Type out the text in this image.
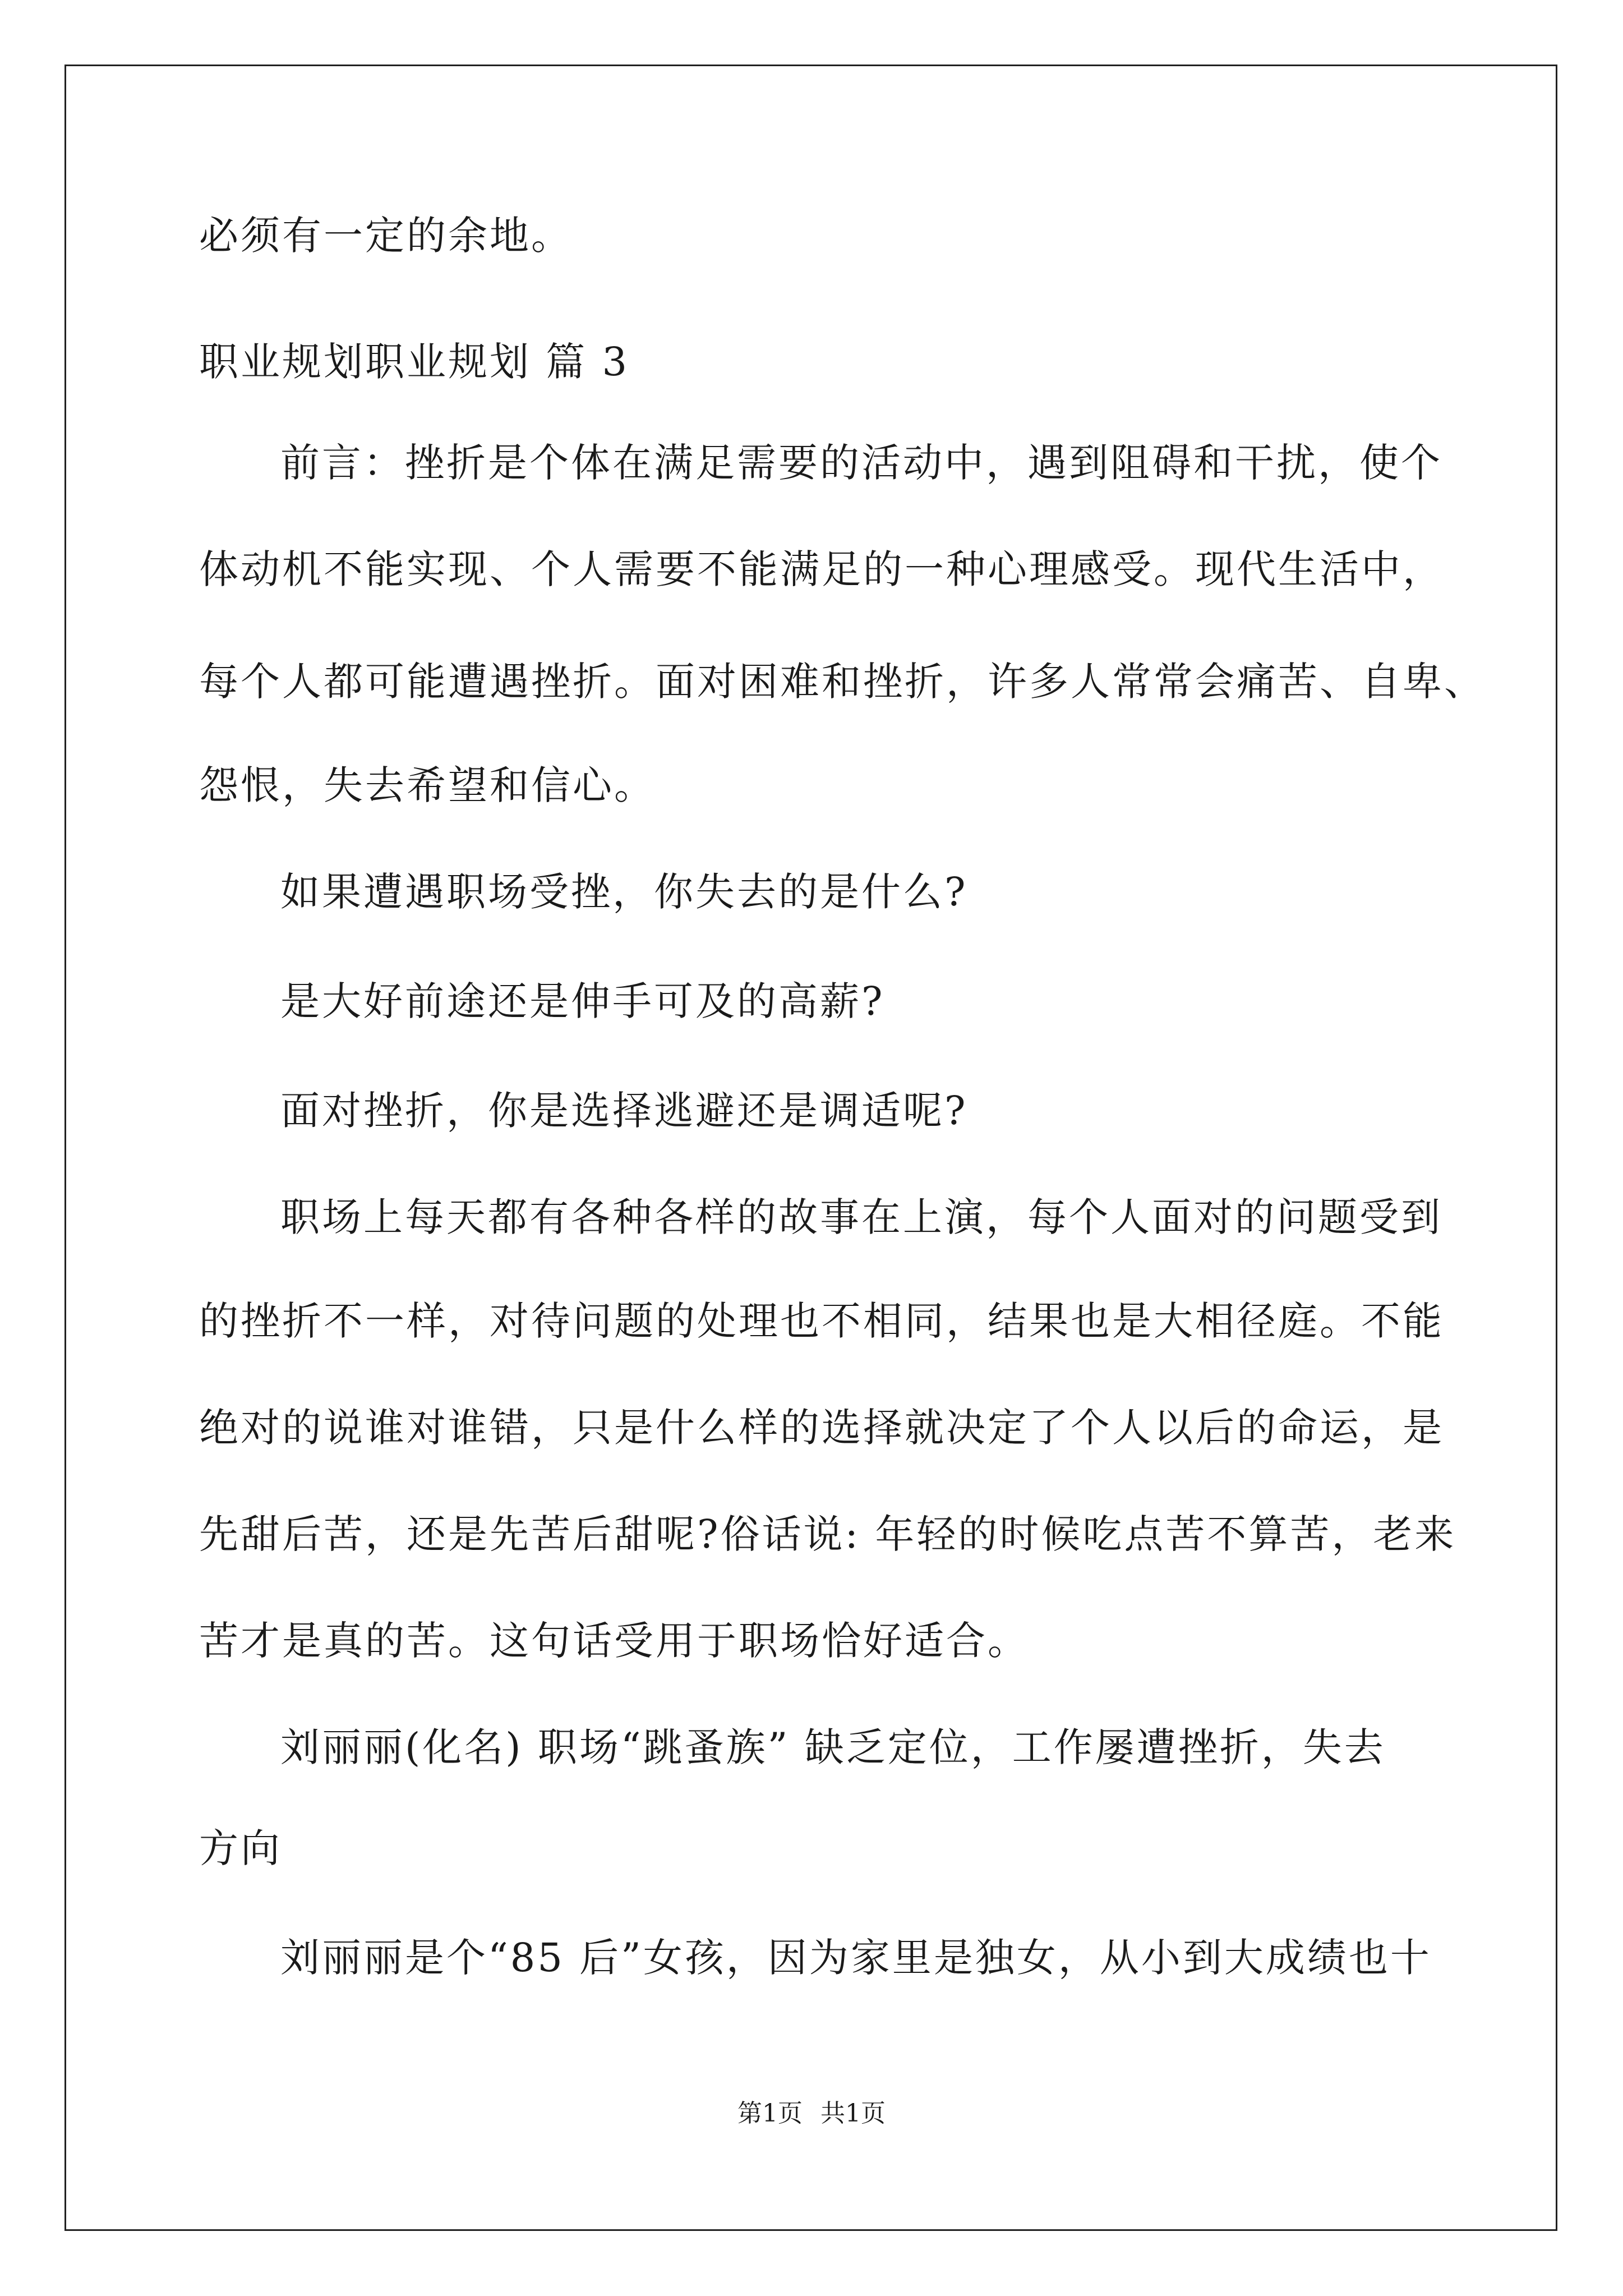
必须有一定的余地。
职业规划职业规划 篇 3
前言：挫折是个体在满足需要的活动中，遇到阻碍和干扰，使个
体动机不能实现、个人需要不能满足的一种心理感受。现代生活中，
每个人都可能遭遇挫折。面对困难和挫折，许多人常常会痛苦、自卑、
怨恨，失去希望和信心。
如果遭遇职场受挫，你失去的是什么?
是大好前途还是伸手可及的高薪?
面对挫折，你是选择逃避还是调适呢?
职场上每天都有各种各样的故事在上演，每个人面对的问题受到
的挫折不一样，对待问题的处理也不相同，结果也是大相径庭。不能
绝对的说谁对谁错，只是什么样的选择就决定了个人以后的命运，是
先甜后苦，还是先苦后甜呢?俗话说: 年轻的时候吃点苦不算苦，老来
苦才是真的苦。这句话受用于职场恰好适合。
刘丽丽(化名) 职场“跳蚤族” 缺乏定位，工作屡遭挫折，失去
方向
刘丽丽是个“85 后”女孩，因为家里是独女，从小到大成绩也十
第1页 共1页
